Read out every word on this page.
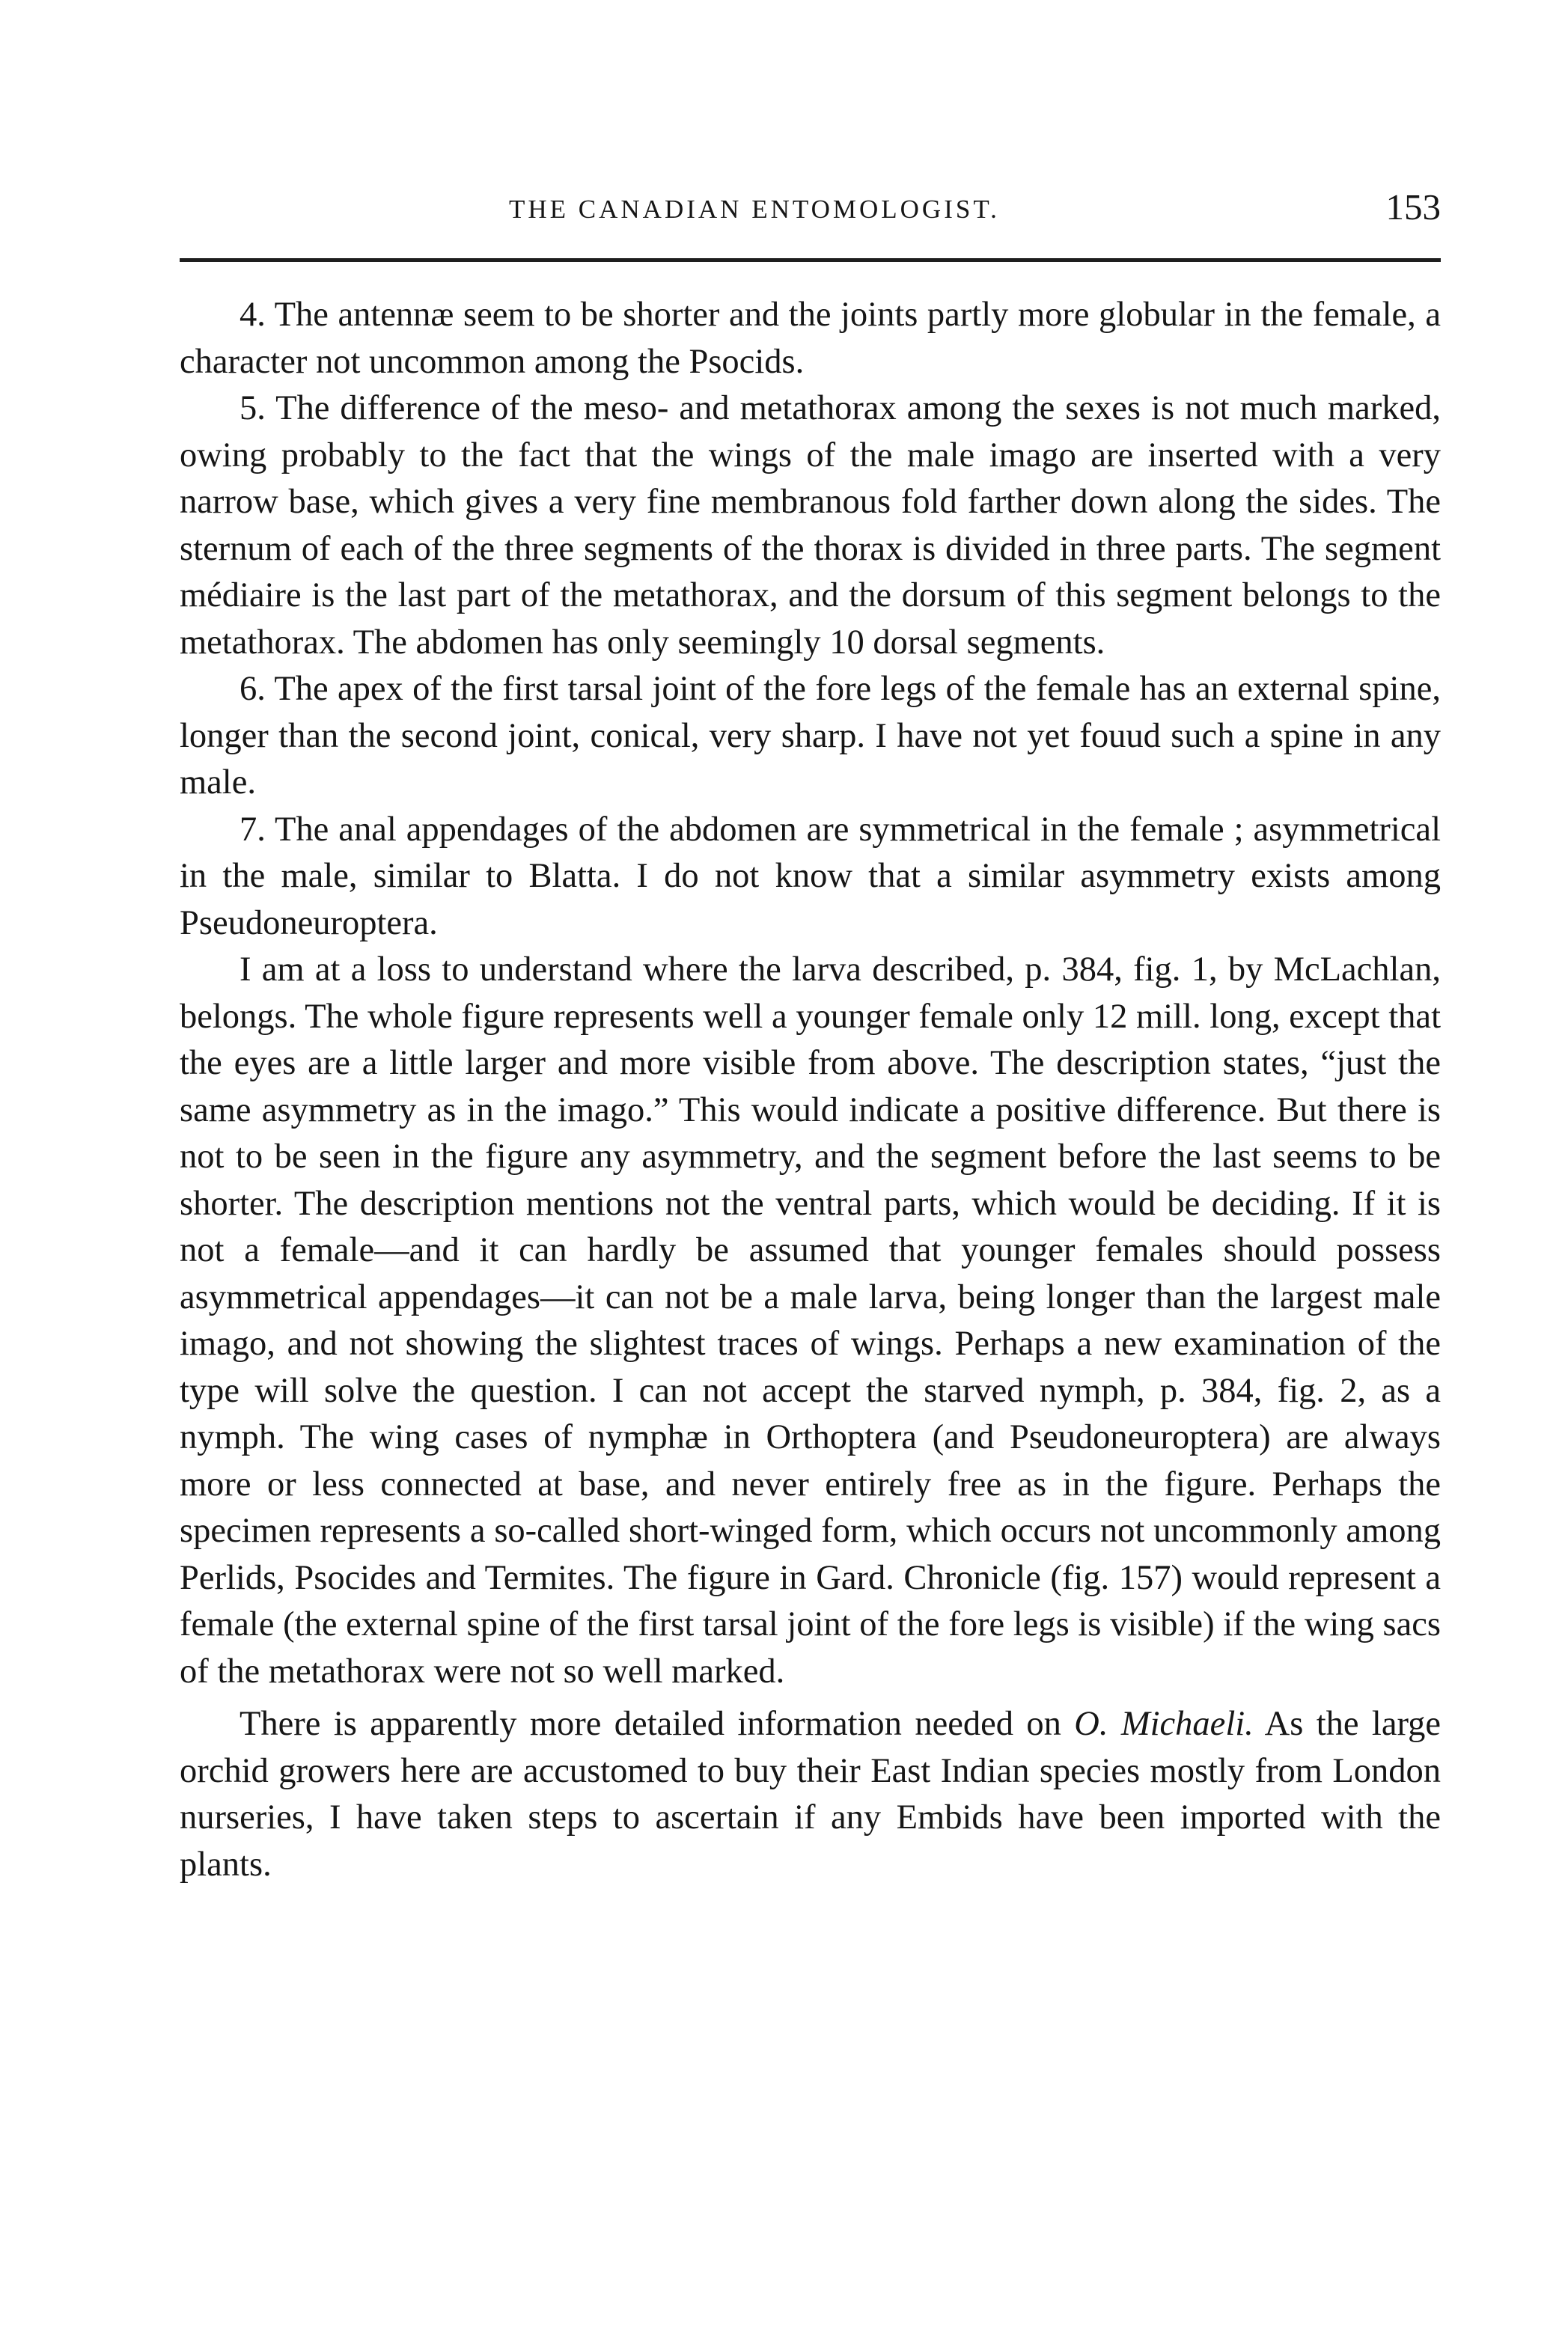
THE CANADIAN ENTOMOLOGIST.	153

4. The antennæ seem to be shorter and the joints partly more globular in the female, a character not uncommon among the Psocids.

5. The difference of the meso- and metathorax among the sexes is not much marked, owing probably to the fact that the wings of the male imago are inserted with a very narrow base, which gives a very fine membranous fold farther down along the sides. The sternum of each of the three segments of the thorax is divided in three parts. The segment médiaire is the last part of the metathorax, and the dorsum of this segment belongs to the metathorax. The abdomen has only seemingly 10 dorsal segments.

6. The apex of the first tarsal joint of the fore legs of the female has an external spine, longer than the second joint, conical, very sharp. I have not yet fouud such a spine in any male.

7. The anal appendages of the abdomen are symmetrical in the female ; asymmetrical in the male, similar to Blatta. I do not know that a similar asymmetry exists among Pseudoneuroptera.

I am at a loss to understand where the larva described, p. 384, fig. 1, by McLachlan, belongs. The whole figure represents well a younger female only 12 mill. long, except that the eyes are a little larger and more visible from above. The description states, “just the same asymmetry as in the imago.” This would indicate a positive difference. But there is not to be seen in the figure any asymmetry, and the segment before the last seems to be shorter. The description mentions not the ventral parts, which would be deciding. If it is not a female—and it can hardly be assumed that younger females should possess asymmetrical appendages—it can not be a male larva, being longer than the largest male imago, and not showing the slightest traces of wings. Perhaps a new examination of the type will solve the question. I can not accept the starved nymph, p. 384, fig. 2, as a nymph. The wing cases of nymphæ in Orthoptera (and Pseudoneuroptera) are always more or less connected at base, and never entirely free as in the figure. Perhaps the specimen represents a so-called short-winged form, which occurs not uncommonly among Perlids, Psocides and Termites. The figure in Gard. Chronicle (fig. 157) would represent a female (the external spine of the first tarsal joint of the fore legs is visible) if the wing sacs of the metathorax were not so well marked.

There is apparently more detailed information needed on O. Michaeli. As the large orchid growers here are accustomed to buy their East Indian species mostly from London nurseries, I have taken steps to ascertain if any Embids have been imported with the plants.
